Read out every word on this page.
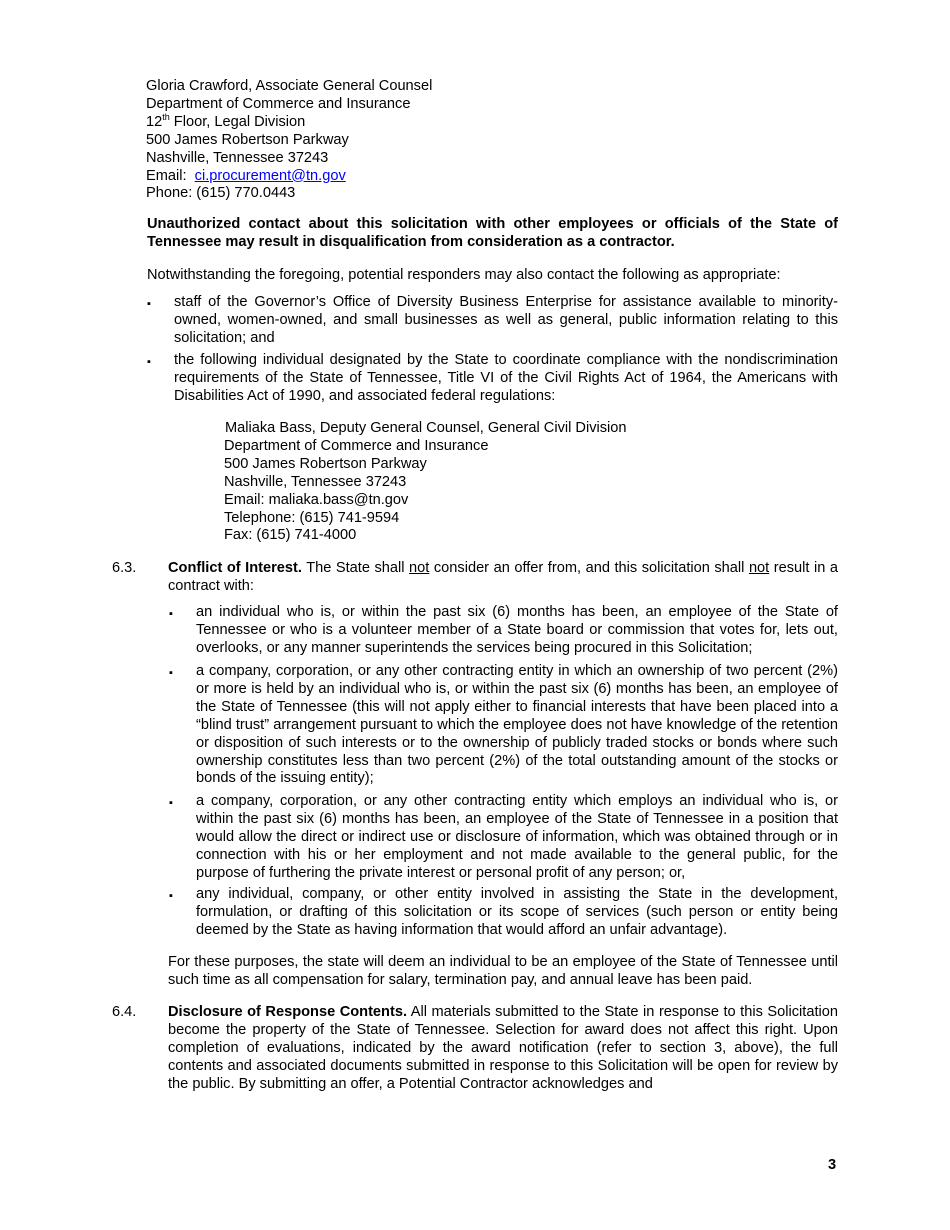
Gloria Crawford, Associate General Counsel
Department of Commerce and Insurance
12th Floor, Legal Division
500 James Robertson Parkway
Nashville, Tennessee 37243
Email: ci.procurement@tn.gov
Phone: (615) 770.0443
Unauthorized contact about this solicitation with other employees or officials of the State of Tennessee may result in disqualification from consideration as a contractor.
Notwithstanding the foregoing, potential responders may also contact the following as appropriate:
▪ staff of the Governor’s Office of Diversity Business Enterprise for assistance available to minority-owned, women-owned, and small businesses as well as general, public information relating to this solicitation; and
▪ the following individual designated by the State to coordinate compliance with the nondiscrimination requirements of the State of Tennessee, Title VI of the Civil Rights Act of 1964, the Americans with Disabilities Act of 1990, and associated federal regulations:
Maliaka Bass, Deputy General Counsel, General Civil Division
Department of Commerce and Insurance
500 James Robertson Parkway
Nashville, Tennessee 37243
Email: maliaka.bass@tn.gov
Telephone: (615) 741-9594
Fax: (615) 741-4000
6.3. Conflict of Interest. The State shall not consider an offer from, and this solicitation shall not result in a contract with:
▪ an individual who is, or within the past six (6) months has been, an employee of the State of Tennessee or who is a volunteer member of a State board or commission that votes for, lets out, overlooks, or any manner superintends the services being procured in this Solicitation;
▪ a company, corporation, or any other contracting entity in which an ownership of two percent (2%) or more is held by an individual who is, or within the past six (6) months has been, an employee of the State of Tennessee (this will not apply either to financial interests that have been placed into a “blind trust” arrangement pursuant to which the employee does not have knowledge of the retention or disposition of such interests or to the ownership of publicly traded stocks or bonds where such ownership constitutes less than two percent (2%) of the total outstanding amount of the stocks or bonds of the issuing entity);
▪ a company, corporation, or any other contracting entity which employs an individual who is, or within the past six (6) months has been, an employee of the State of Tennessee in a position that would allow the direct or indirect use or disclosure of information, which was obtained through or in connection with his or her employment and not made available to the general public, for the purpose of furthering the private interest or personal profit of any person; or,
▪ any individual, company, or other entity involved in assisting the State in the development, formulation, or drafting of this solicitation or its scope of services (such person or entity being deemed by the State as having information that would afford an unfair advantage).
For these purposes, the state will deem an individual to be an employee of the State of Tennessee until such time as all compensation for salary, termination pay, and annual leave has been paid.
6.4. Disclosure of Response Contents. All materials submitted to the State in response to this Solicitation become the property of the State of Tennessee. Selection for award does not affect this right. Upon completion of evaluations, indicated by the award notification (refer to section 3, above), the full contents and associated documents submitted in response to this Solicitation will be open for review by the public. By submitting an offer, a Potential Contractor acknowledges and
3
